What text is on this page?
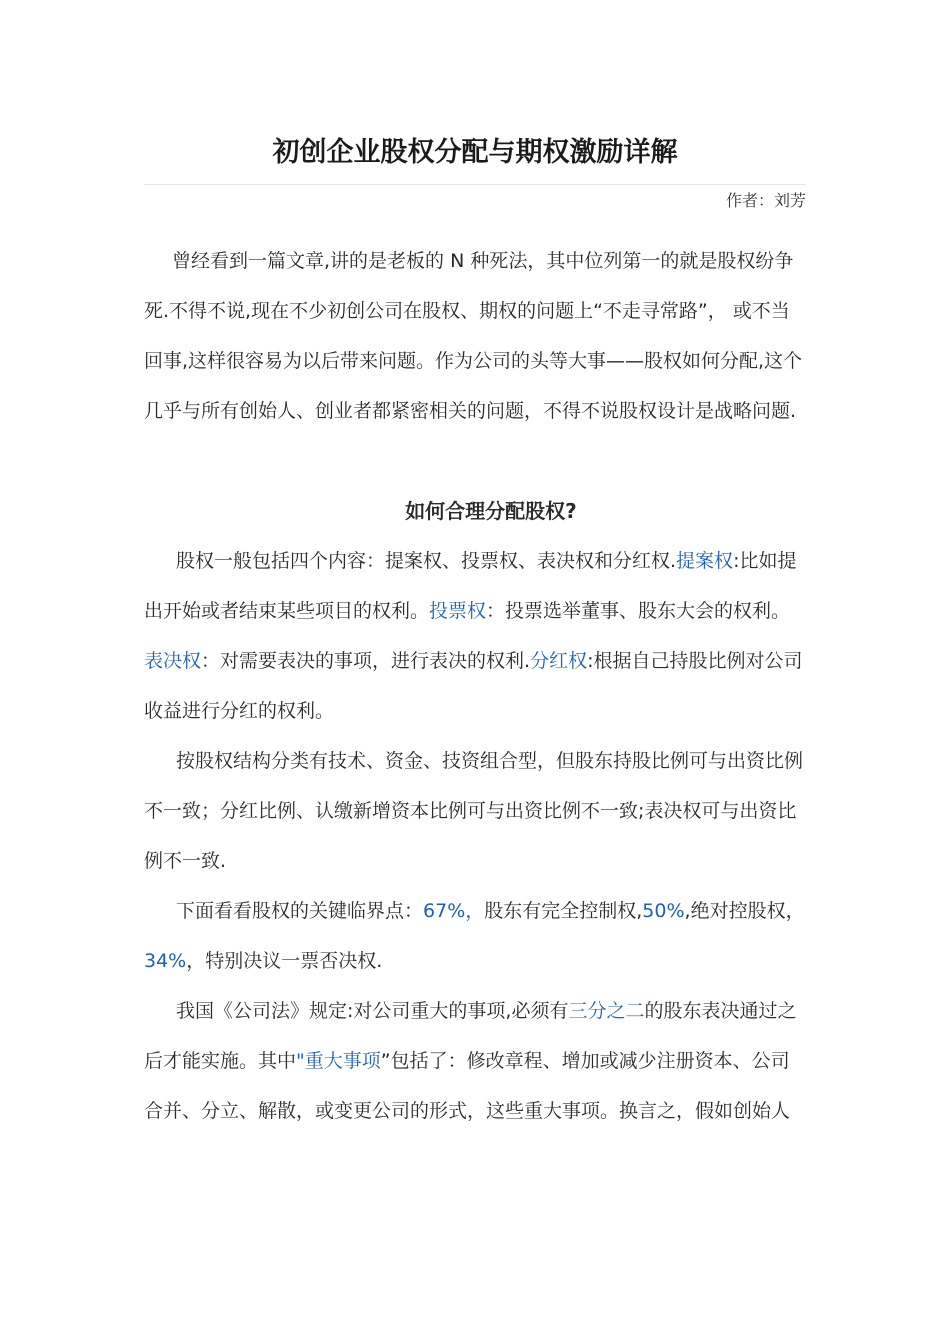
初创企业股权分配与期权激励详解
作者：刘芳

曾经看到一篇文章,讲的是老板的 N 种死法，其中位列第一的就是股权纷争死.不得不说,现在不少初创公司在股权、期权的问题上“不走寻常路”， 或不当回事,这样很容易为以后带来问题。作为公司的头等大事——股权如何分配,这个几乎与所有创始人、创业者都紧密相关的问题，不得不说股权设计是战略问题.

如何合理分配股权?

股权一般包括四个内容：提案权、投票权、表决权和分红权.提案权:比如提出开始或者结束某些项目的权利。投票权：投票选举董事、股东大会的权利。表决权：对需要表决的事项，进行表决的权利.分红权:根据自己持股比例对公司收益进行分红的权利。

按股权结构分类有技术、资金、技资组合型，但股东持股比例可与出资比例不一致；分红比例、认缴新增资本比例可与出资比例不一致;表决权可与出资比例不一致.

下面看看股权的关键临界点：67%，股东有完全控制权,50%,绝对控股权，34%，特别决议一票否决权.

我国《公司法》规定:对公司重大的事项,必须有三分之二的股东表决通过之后才能实施。其中"重大事项”包括了：修改章程、增加或减少注册资本、公司合并、分立、解散，或变更公司的形式，这些重大事项。换言之，假如创始人
